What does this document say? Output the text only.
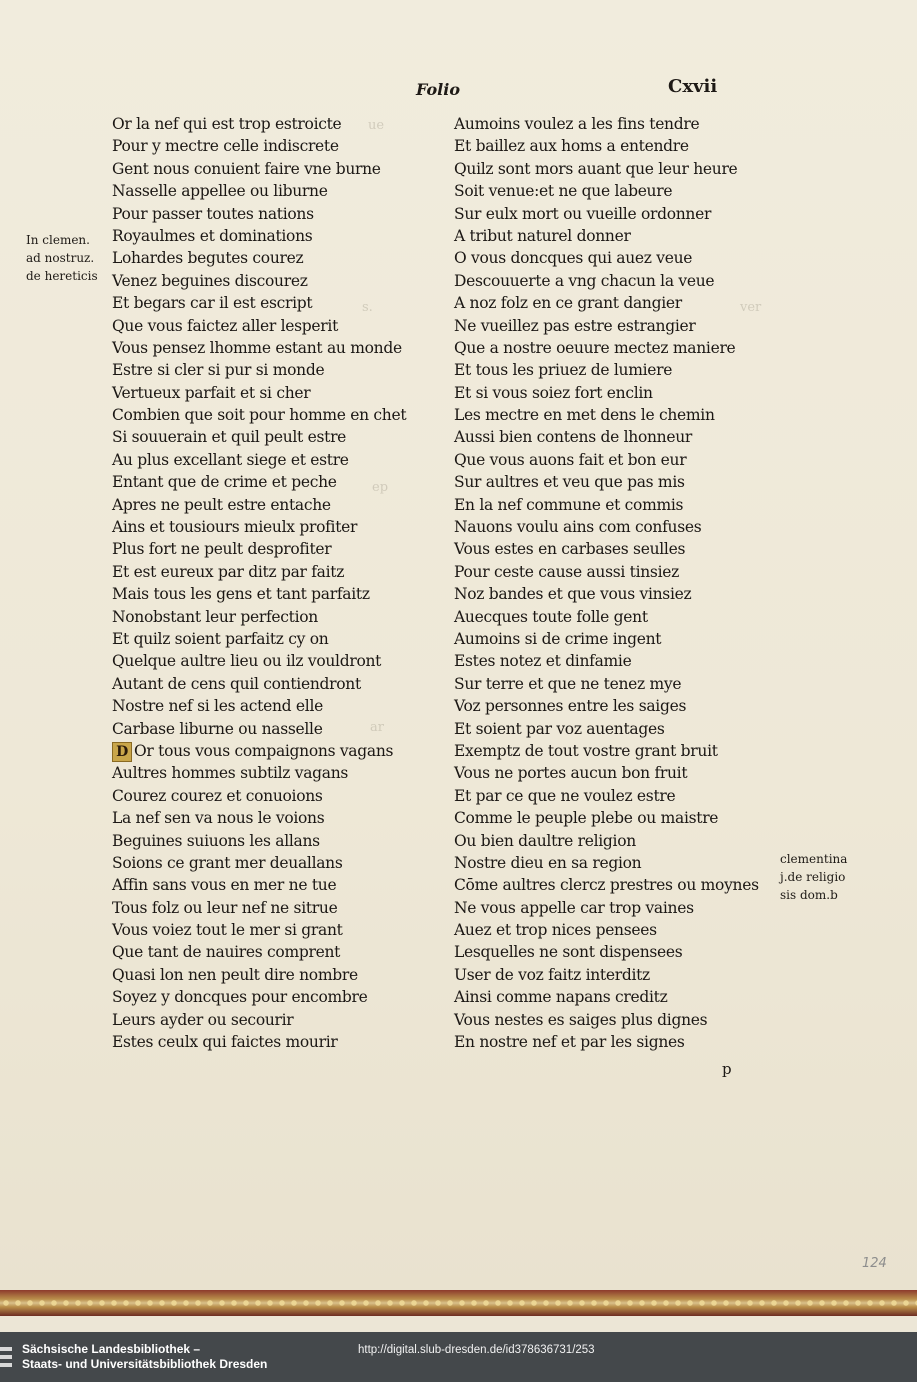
ue
s.
ep
ar
ver
Folio	Cxvii
In clemen.
ad nostruz.
de hereticis
Or la nef qui est trop estroicte
Pour y mectre celle indiscrete
Gent nous conuient faire vne burne
Nasselle appellee ou liburne
Pour passer toutes nations
Royaulmes et dominations
Lohardes begutes courez
Venez beguines discourez
Et begars car il est escript
Que vous faictez aller lesperit
Vous pensez lhomme estant au monde
Estre si cler si pur si monde
Vertueux parfait et si cher
Combien que soit pour homme en chet
Si souuerain et quil peult estre
Au plus excellant siege et estre
Entant que de crime et peche
Apres ne peult estre entache
Ains et tousiours mieulx profiter
Plus fort ne peult desprofiter
Et est eureux par ditz par faitz
Mais tous les gens et tant parfaitz
Nonobstant leur perfection
Et quilz soient parfaitz cy on
Quelque aultre lieu ou ilz vouldront
Autant de cens quil contiendront
Nostre nef si les actend elle
Carbase liburne ou nasselle
D Or tous vous compaignons vagans
Aultres hommes subtilz vagans
Courez courez et conuoions
La nef sen va nous le voions
Beguines suiuons les allans
Soions ce grant mer deuallans
Affin sans vous en mer ne tue
Tous folz ou leur nef ne sitrue
Vous voiez tout le mer si grant
Que tant de nauires comprent
Quasi lon nen peult dire nombre
Soyez y doncques pour encombre
Leurs ayder ou secourir
Estes ceulx qui faictes mourir
Aumoins voulez a les fins tendre
Et baillez aux homs a entendre
Quilz sont mors auant que leur heure
Soit venue:et ne que labeure
Sur eulx mort ou vueille ordonner
A tribut naturel donner
O vous doncques qui auez veue
Descouuerte a vng chacun la veue
A noz folz en ce grant dangier
Ne vueillez pas estre estrangier
Que a nostre oeuure mectez maniere
Et tous les priuez de lumiere
Et si vous soiez fort enclin
Les mectre en met dens le chemin
Aussi bien contens de lhonneur
Que vous auons fait et bon eur
Sur aultres et veu que pas mis
En la nef commune et commis
Nauons voulu ains com confuses
Vous estes en carbases seulles
Pour ceste cause aussi tinsiez
Noz bandes et que vous vinsiez
Auecques toute folle gent
Aumoins si de crime ingent
Estes notez et dinfamie
Sur terre et que ne tenez mye
Voz personnes entre les saiges
Et soient par voz auentages
Exemptz de tout vostre grant bruit
Vous ne portes aucun bon fruit
Et par ce que ne voulez estre
Comme le peuple plebe ou maistre
Ou bien daultre religion
Nostre dieu en sa region
Cōme aultres clercz prestres ou moynes
Ne vous appelle car trop vaines
Auez et trop nices pensees
Lesquelles ne sont dispensees
User de voz faitz interditz
Ainsi comme napans creditz
Vous nestes es saiges plus dignes
En nostre nef et par les signes
clementina
j.de religio
sis dom.b
p
124

Sächsische Landesbibliothek –
Staats- und Universitätsbibliothek Dresden

http://digital.slub-dresden.de/id378636731/253
